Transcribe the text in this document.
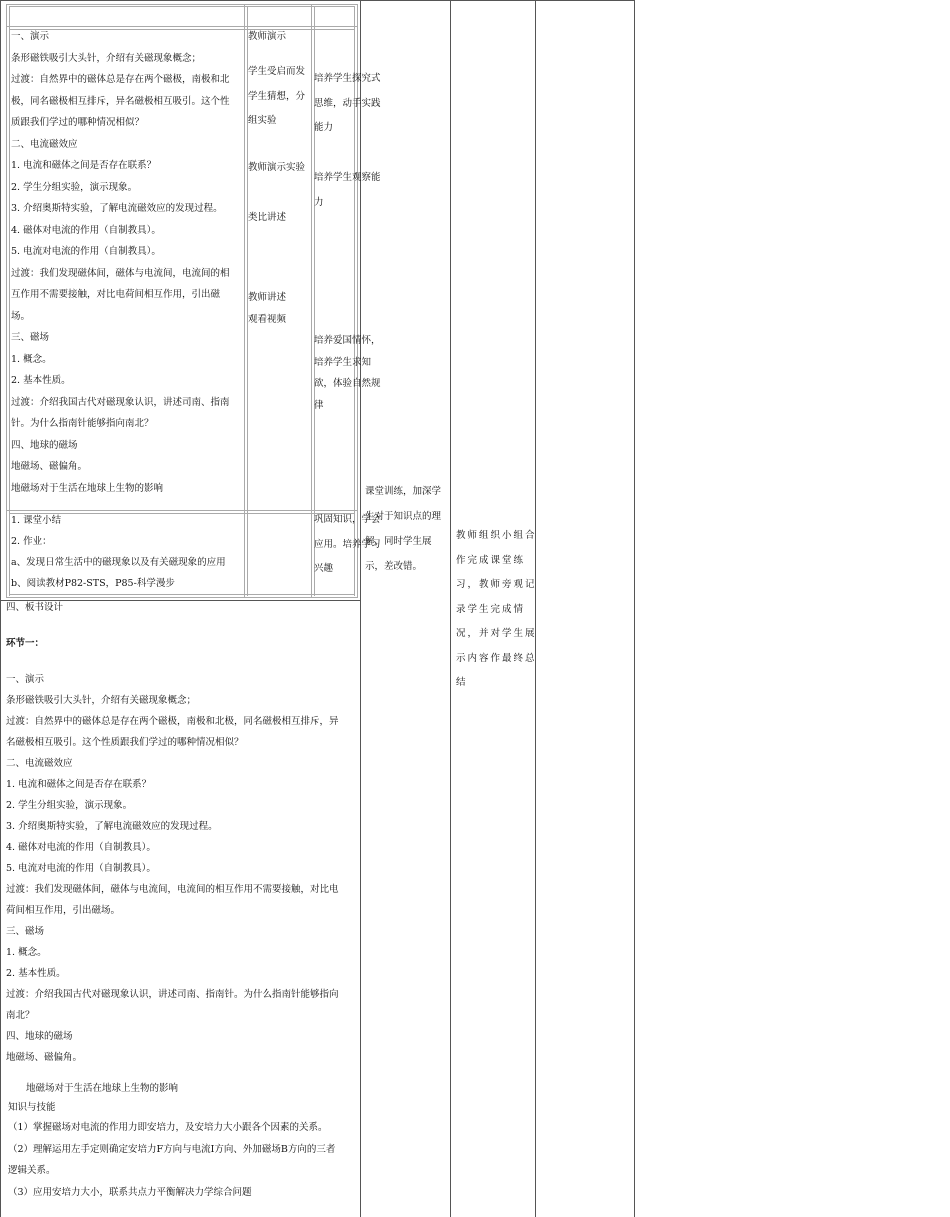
一、演示
条形磁铁吸引大头针，介绍有关磁现象概念；
过渡：自然界中的磁体总是存在两个磁极，南极和北
极，同名磁极相互排斥，异名磁极相互吸引。这个性
质跟我们学过的哪种情况相似？
二、电流磁效应
1. 电流和磁体之间是否存在联系？
2. 学生分组实验，演示现象。
3. 介绍奥斯特实验，了解电流磁效应的发现过程。
4. 磁体对电流的作用（自制教具）。
5. 电流对电流的作用（自制教具）。
过渡：我们发现磁体间，磁体与电流间，电流间的相
互作用不需要接触，对比电荷间相互作用，引出磁
场。
三、磁场
1. 概念。
2. 基本性质。
过渡：介绍我国古代对磁现象认识，讲述司南、指南
针。为什么指南针能够指向南北？
四、地球的磁场
地磁场、磁偏角。
地磁场对于生活在地球上生物的影响
教师演示
学生受启而发
学生猜想，分
组实验
教师演示实验
类比讲述
教师讲述
观看视频
培养学生探究式
思维，动手实践
能力
培养学生观察能
力
培养爱国情怀，
培养学生求知
欲，体验自然规
律
1. 课堂小结
2. 作业：
a、发现日常生活中的磁现象以及有关磁现象的应用
b、阅读教材P82-STS，P85-科学漫步
巩固知识，学会
应用。培养学习
兴趣
课堂训练，加深学
生对于知识点的理
解，同时学生展
示，差改错。
教师组织小组合
作完成课堂练
习，教师旁观记
录学生完成情
况，并对学生展
示内容作最终总
结
四、板书设计
环节一：
一、演示
条形磁铁吸引大头针，介绍有关磁现象概念；
过渡：自然界中的磁体总是存在两个磁极，南极和北极，同名磁极相互排斥，异
名磁极相互吸引。这个性质跟我们学过的哪种情况相似？
二、电流磁效应
1. 电流和磁体之间是否存在联系？
2. 学生分组实验，演示现象。
3. 介绍奥斯特实验，了解电流磁效应的发现过程。
4. 磁体对电流的作用（自制教具）。
5. 电流对电流的作用（自制教具）。
过渡：我们发现磁体间，磁体与电流间，电流间的相互作用不需要接触，对比电
荷间相互作用，引出磁场。
三、磁场
1. 概念。
2. 基本性质。
过渡：介绍我国古代对磁现象认识，讲述司南、指南针。为什么指南针能够指向
南北？
四、地球的磁场
地磁场、磁偏角。
地磁场对于生活在地球上生物的影响
知识与技能
（1）掌握磁场对电流的作用力即安培力，及安培力大小跟各个因素的关系。
（2）理解运用左手定则确定安培力F方向与电流I方向、外加磁场B方向的三者
逻辑关系。
（3）应用安培力大小，联系共点力平衡解决力学综合问题
